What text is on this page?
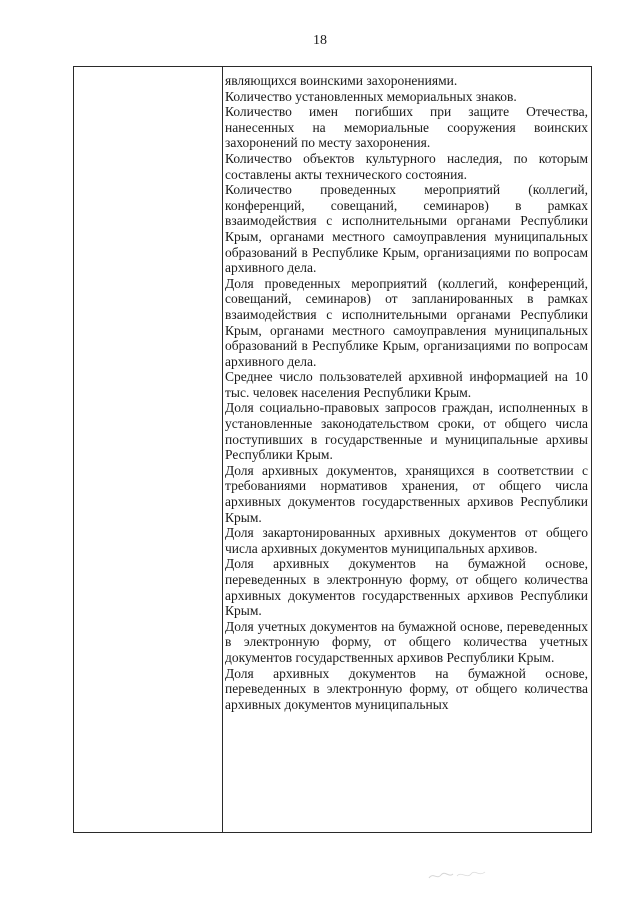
18

являющихся воинскими захоронениями.

Количество установленных мемориальных знаков.

Количество имен погибших при защите Отечества, нанесенных на мемориальные сооружения воинских захоронений по месту захоронения.

Количество объектов культурного наследия, по которым составлены акты технического состояния.

Количество проведенных мероприятий (коллегий, конференций, совещаний, семинаров) в рамках взаимодействия с исполнительными органами Республики Крым, органами местного самоуправления муниципальных образований в Республике Крым, организациями по вопросам архивного дела.

Доля проведенных мероприятий (коллегий, конференций, совещаний, семинаров) от запланированных в рамках взаимодействия с исполнительными органами Республики Крым, органами местного самоуправления муниципальных образований в Республике Крым, организациями по вопросам архивного дела.

Среднее число пользователей архивной информацией на 10 тыс. человек населения Республики Крым.

Доля социально-правовых запросов граждан, исполненных в установленные законодательством сроки, от общего числа поступивших в государственные и муниципальные архивы Республики Крым.

Доля архивных документов, хранящихся в соответствии с требованиями нормативов хранения, от общего числа архивных документов государственных архивов Республики Крым.

Доля закартонированных архивных документов от общего числа архивных документов муниципальных архивов.

Доля архивных документов на бумажной основе, переведенных в электронную форму, от общего количества архивных документов государственных архивов Республики Крым.

Доля учетных документов на бумажной основе, переведенных в электронную форму, от общего количества учетных документов государственных архивов Республики Крым.

Доля архивных документов на бумажной основе, переведенных в электронную форму, от общего количества архивных документов муниципальных
